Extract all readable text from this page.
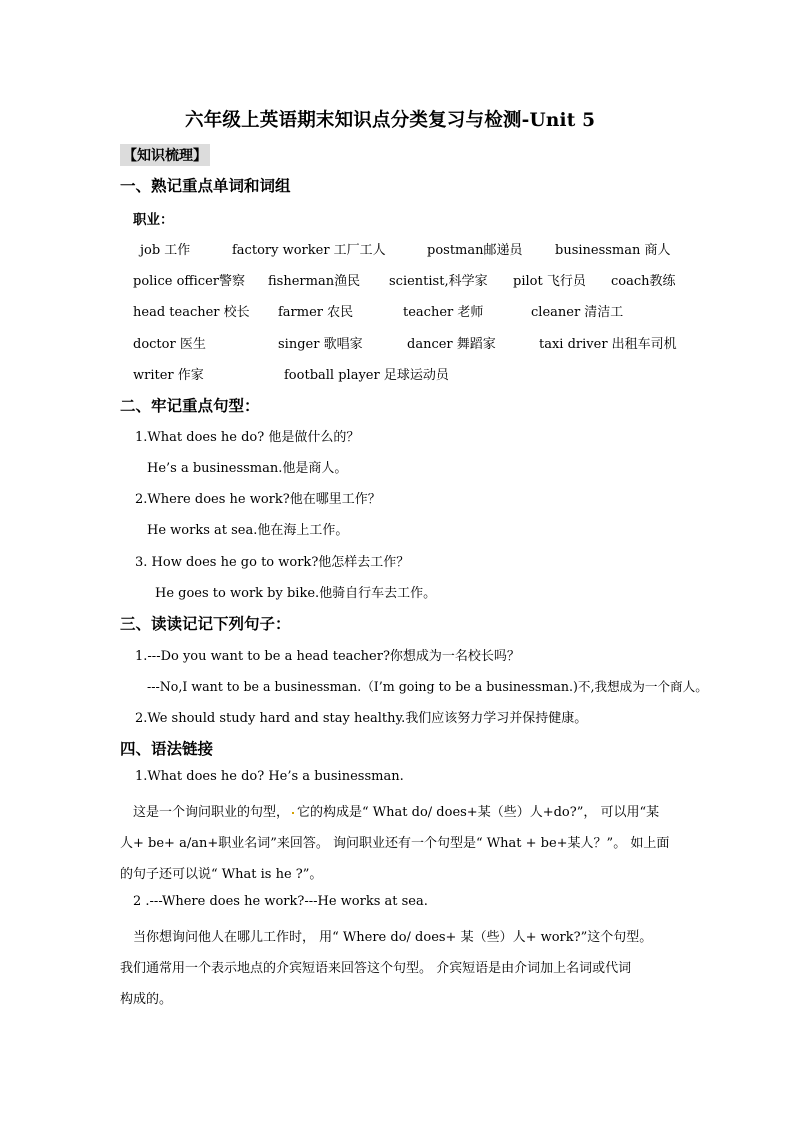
六年级上英语期末知识点分类复习与检测-Unit 5
【知识梳理】
一、熟记重点单词和词组
职业：
job 工作	factory worker 工厂工人	postman邮递员	businessman 商人
police officer警察 fisherman渔民 scientist,科学家 pilot 飞行员 coach教练
head teacher 校长 farmer 农民	teacher 老师	cleaner 清洁工
doctor 医生	singer 歌唱家	dancer 舞蹈家	taxi driver 出租车司机
writer 作家	football player 足球运动员
二、牢记重点句型：
1.What does he do? 他是做什么的？
He’s a businessman.他是商人。
2.Where does he work?他在哪里工作？
He works at sea.他在海上工作。
3. How does he go to work?他怎样去工作？
He goes to work by bike.他骑自行车去工作。
三、读读记记下列句子：
1.---Do you want to be a head teacher?你想成为一名校长吗？
---No,I want to be a businessman.（I’m going to be a businessman.)不,我想成为一个商人。
2.We should study hard and stay healthy.我们应该努力学习并保持健康。
四、语法链接
1.What does he do? He’s a businessman.
这是一个询问职业的句型， 它的构成是“ What do/ does+某（些）人+do?”， 可以用“某
人+ be+ a/an+职业名词”来回答。 询问职业还有一个句型是“ What + be+某人？”。 如上面
的句子还可以说“ What is he ?”。
2 .---Where does he work?---He works at sea.
当你想询问他人在哪儿工作时， 用“ Where do/ does+ 某（些）人+ work?”这个句型。
我们通常用一个表示地点的介宾短语来回答这个句型。 介宾短语是由介词加上名词或代词
构成的。
